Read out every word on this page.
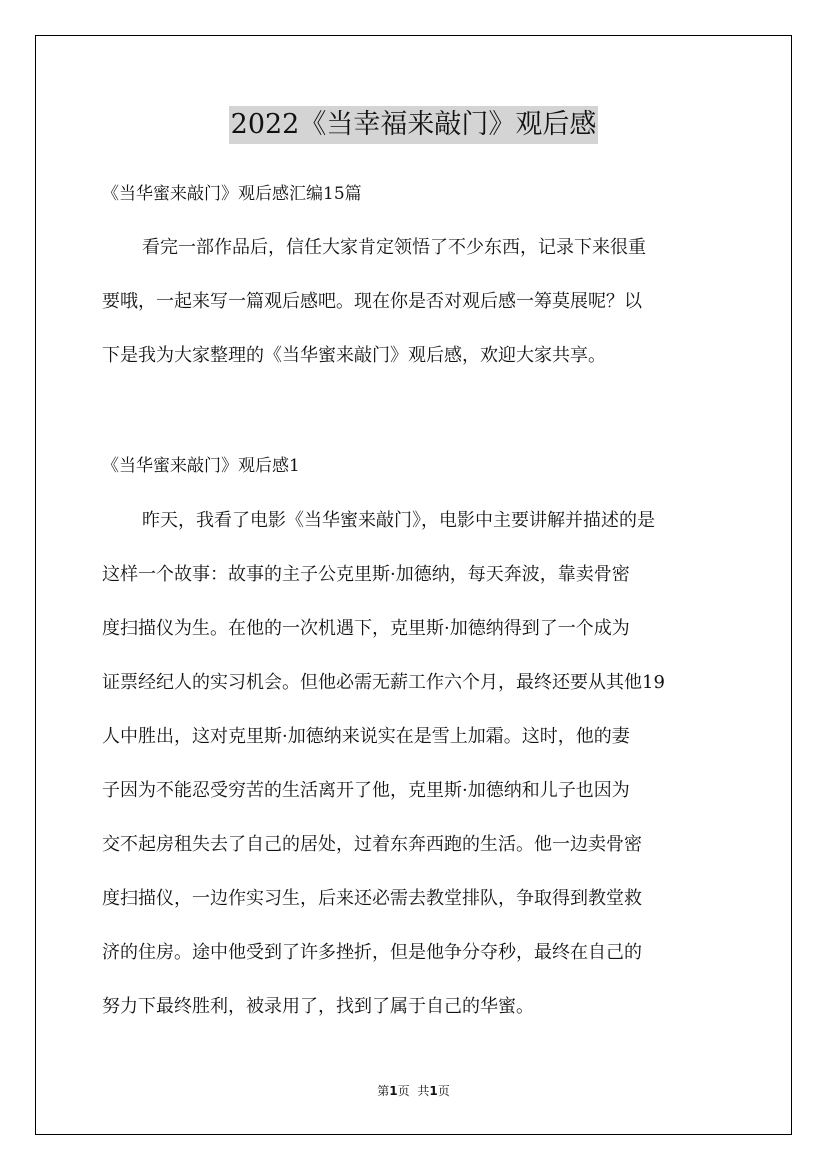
2022《当幸福来敲门》观后感

《当华蜜来敲门》观后感汇编15篇

看完一部作品后，信任大家肯定领悟了不少东西，记录下来很重

要哦，一起来写一篇观后感吧。现在你是否对观后感一筹莫展呢？以

下是我为大家整理的《当华蜜来敲门》观后感，欢迎大家共享。

《当华蜜来敲门》观后感1

昨天，我看了电影《当华蜜来敲门》，电影中主要讲解并描述的是

这样一个故事：故事的主子公克里斯·加德纳，每天奔波，靠卖骨密

度扫描仪为生。在他的一次机遇下，克里斯·加德纳得到了一个成为

证票经纪人的实习机会。但他必需无薪工作六个月，最终还要从其他19

人中胜出，这对克里斯·加德纳来说实在是雪上加霜。这时，他的妻

子因为不能忍受穷苦的生活离开了他，克里斯·加德纳和儿子也因为

交不起房租失去了自己的居处，过着东奔西跑的生活。他一边卖骨密

度扫描仪，一边作实习生，后来还必需去教堂排队，争取得到教堂救

济的住房。途中他受到了许多挫折，但是他争分夺秒，最终在自己的

努力下最终胜利，被录用了，找到了属于自己的华蜜。

第1页 共1页
